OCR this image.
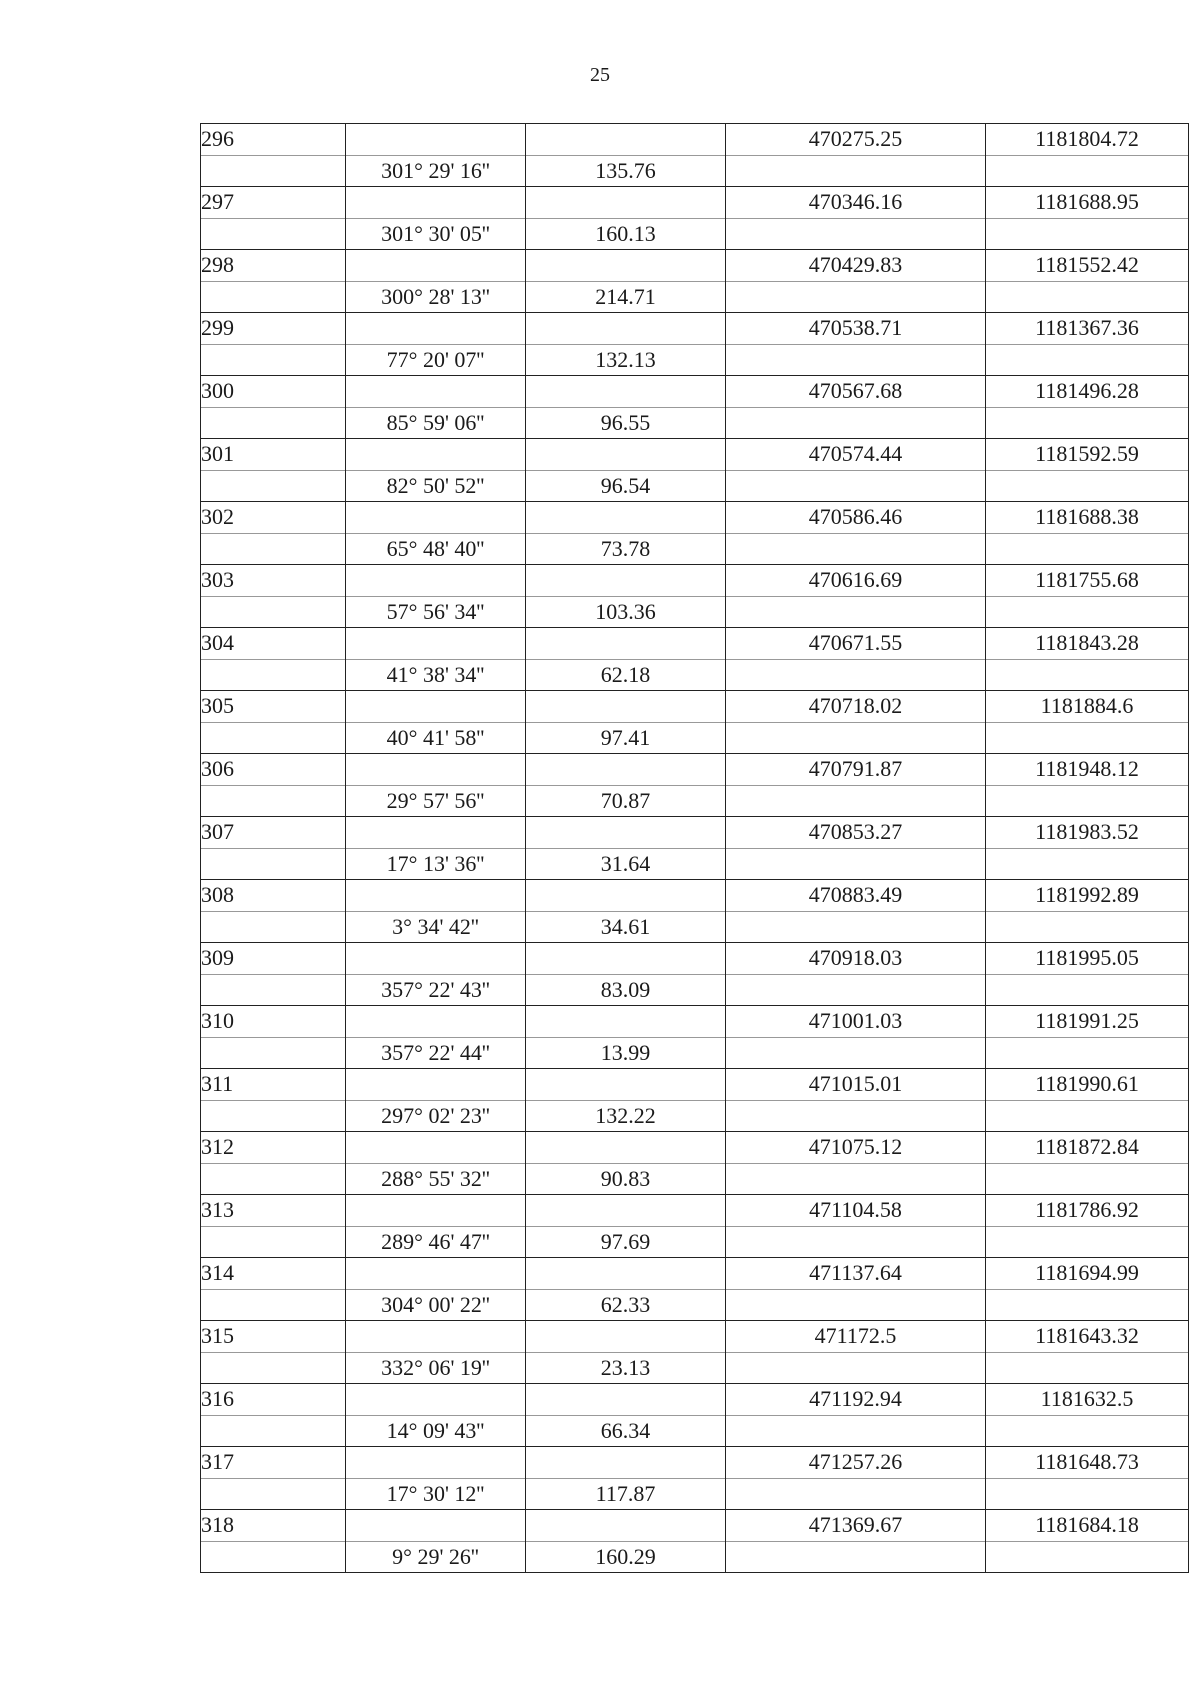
25
296			470275.25	1181804.72
	301° 29' 16''	135.76		
297			470346.16	1181688.95
	301° 30' 05''	160.13		
298			470429.83	1181552.42
	300° 28' 13''	214.71		
299			470538.71	1181367.36
	77° 20' 07''	132.13		
300			470567.68	1181496.28
	85° 59' 06''	96.55		
301			470574.44	1181592.59
	82° 50' 52''	96.54		
302			470586.46	1181688.38
	65° 48' 40''	73.78		
303			470616.69	1181755.68
	57° 56' 34''	103.36		
304			470671.55	1181843.28
	41° 38' 34''	62.18		
305			470718.02	1181884.6
	40° 41' 58''	97.41		
306			470791.87	1181948.12
	29° 57' 56''	70.87		
307			470853.27	1181983.52
	17° 13' 36''	31.64		
308			470883.49	1181992.89
	3° 34' 42''	34.61		
309			470918.03	1181995.05
	357° 22' 43''	83.09		
310			471001.03	1181991.25
	357° 22' 44''	13.99		
311			471015.01	1181990.61
	297° 02' 23''	132.22		
312			471075.12	1181872.84
	288° 55' 32''	90.83		
313			471104.58	1181786.92
	289° 46' 47''	97.69		
314			471137.64	1181694.99
	304° 00' 22''	62.33		
315			471172.5	1181643.32
	332° 06' 19''	23.13		
316			471192.94	1181632.5
	14° 09' 43''	66.34		
317			471257.26	1181648.73
	17° 30' 12''	117.87		
318			471369.67	1181684.18
	9° 29' 26''	160.29		
